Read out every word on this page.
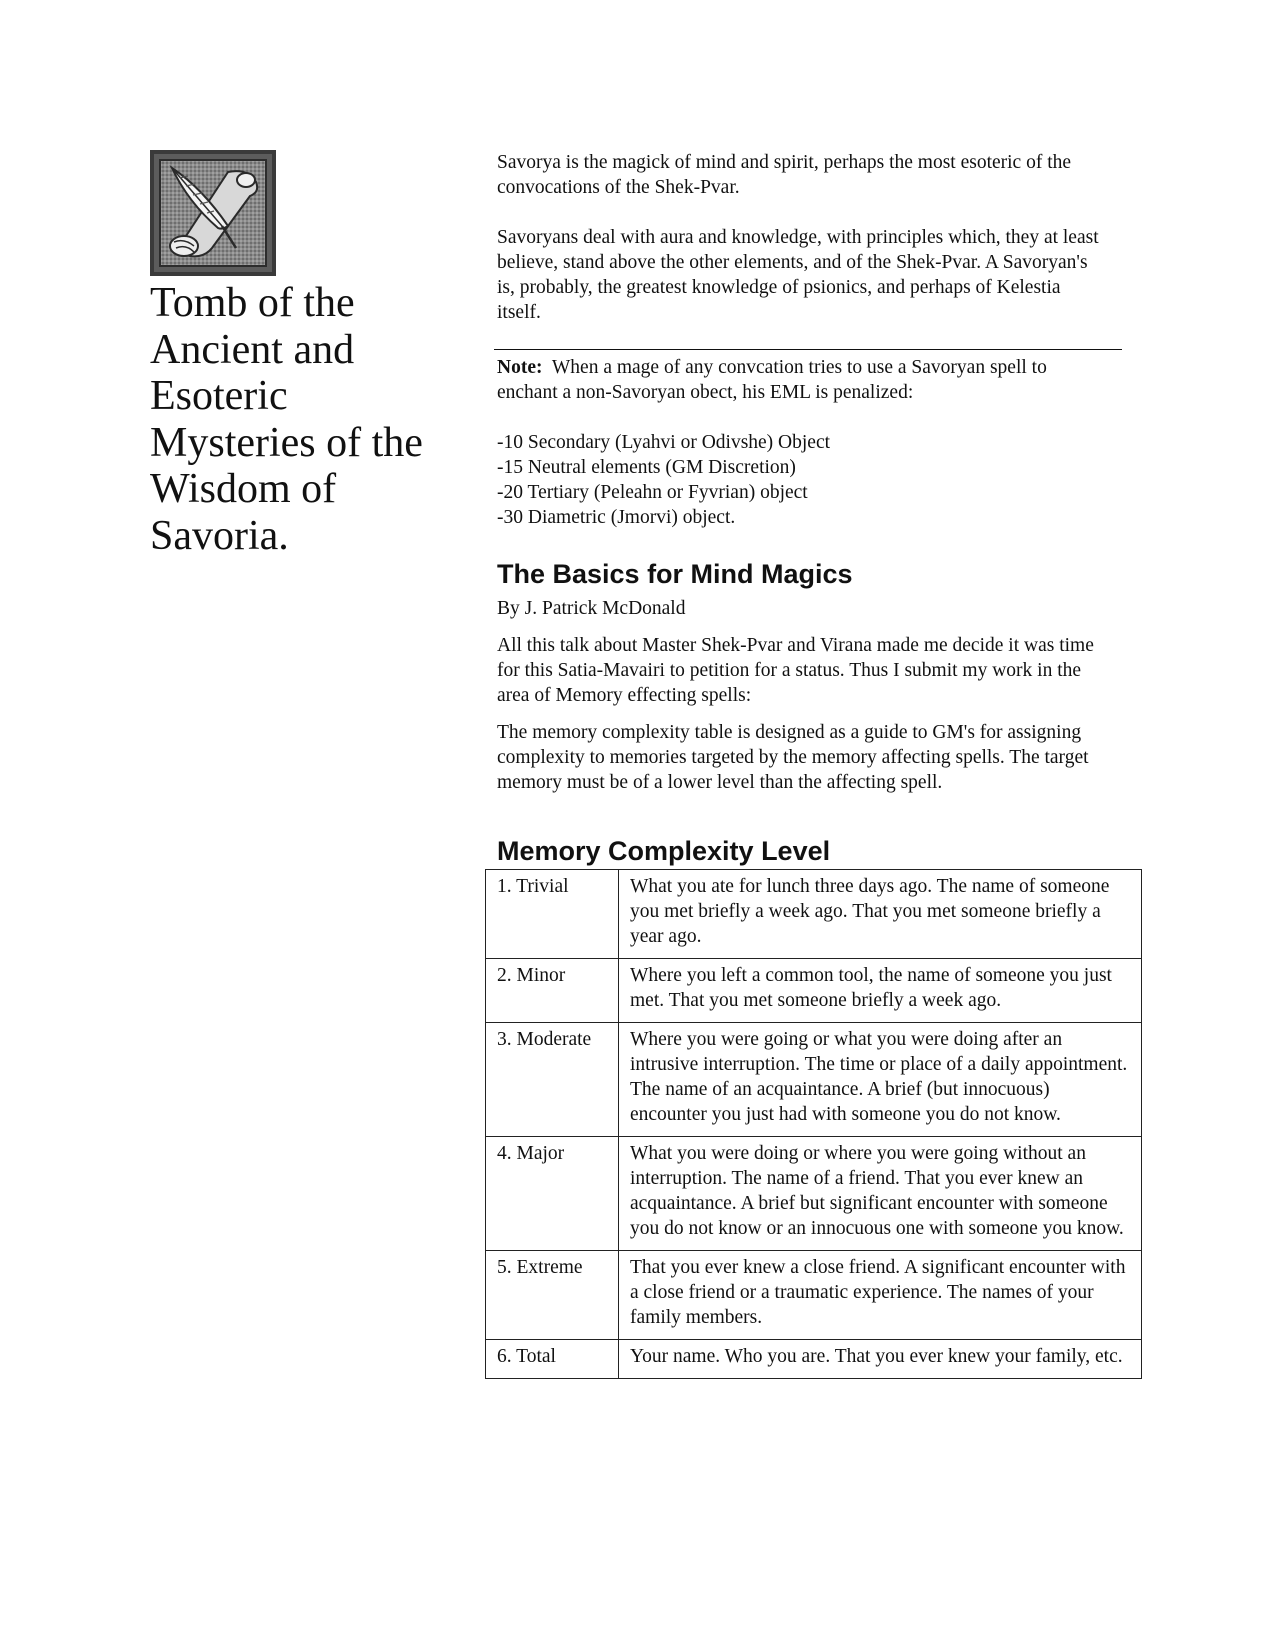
Tomb of the Ancient and Esoteric Mysteries of the Wisdom of Savoria.

Savorya is the magick of mind and spirit, perhaps the most esoteric of the convocations of the Shek-Pvar.

Savoryans deal with aura and knowledge, with principles which, they at least believe, stand above the other elements, and of the Shek-Pvar. A Savoryan's is, probably, the greatest knowledge of psionics, and perhaps of Kelestia itself.

Note: When a mage of any convcation tries to use a Savoryan spell to enchant a non-Savoryan obect, his EML is penalized:

-10 Secondary (Lyahvi or Odivshe) Object
-15 Neutral elements (GM Discretion)
-20 Tertiary (Peleahn or Fyvrian) object
-30 Diametric (Jmorvi) object.
The Basics for Mind Magics

By J. Patrick McDonald

All this talk about Master Shek-Pvar and Virana made me decide it was time for this Satia-Mavairi to petition for a status. Thus I submit my work in the area of Memory effecting spells:

The memory complexity table is designed as a guide to GM's for assigning complexity to memories targeted by the memory affecting spells. The target memory must be of a lower level than the affecting spell.

Memory Complexity Level
1. Trivial	What you ate for lunch three days ago. The name of someone you met briefly a week ago. That you met someone briefly a year ago.
2. Minor	Where you left a common tool, the name of someone you just met. That you met someone briefly a week ago.
3. Moderate	Where you were going or what you were doing after an intrusive interruption. The time or place of a daily appointment. The name of an acquaintance. A brief (but innocuous) encounter you just had with someone you do not know.
4. Major	What you were doing or where you were going without an interruption. The name of a friend. That you ever knew an acquaintance. A brief but significant encounter with someone you do not know or an innocuous one with someone you know.
5. Extreme	That you ever knew a close friend. A significant encounter with a close friend or a traumatic experience. The names of your family members.
6. Total	Your name. Who you are. That you ever knew your family, etc.
